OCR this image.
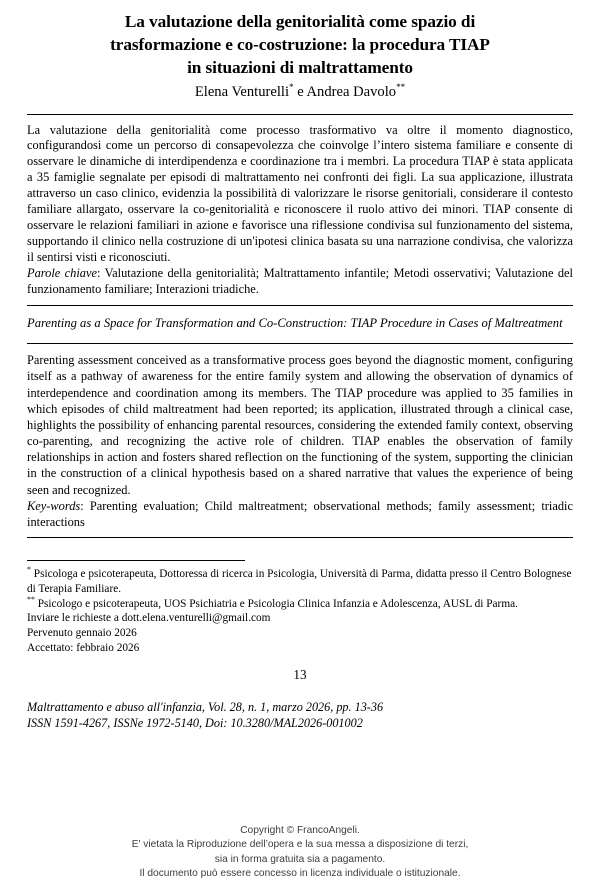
La valutazione della genitorialità come spazio di
trasformazione e co-costruzione: la procedura TIAP
in situazioni di maltrattamento
Elena Venturelli* e Andrea Davolo**

La valutazione della genitorialità come processo trasformativo va oltre il momento diagnostico, configurandosi come un percorso di consapevolezza che coinvolge l’intero sistema familiare e consente di osservare le dinamiche di interdipendenza e coordinazione tra i membri. La procedura TIAP è stata applicata a 35 famiglie segnalate per episodi di maltrattamento nei confronti dei figli. La sua applicazione, illustrata attraverso un caso clinico, evidenzia la possibilità di valorizzare le risorse genitoriali, considerare il contesto familiare allargato, osservare la co-genitorialità e riconoscere il ruolo attivo dei minori. TIAP consente di osservare le relazioni familiari in azione e favorisce una riflessione condivisa sul funzionamento del sistema, supportando il clinico nella costruzione di un'ipotesi clinica basata su una narrazione condivisa, che valorizza il sentirsi visti e riconosciuti.

Parole chiave: Valutazione della genitorialità; Maltrattamento infantile; Metodi osservativi; Valutazione del funzionamento familiare; Interazioni triadiche.

Parenting as a Space for Transformation and Co-Construction: TIAP Procedure in Cases of Maltreatment

Parenting assessment conceived as a transformative process goes beyond the diagnostic moment, configuring itself as a pathway of awareness for the entire family system and allowing the observation of dynamics of interdependence and coordination among its members. The TIAP procedure was applied to 35 families in which episodes of child maltreatment had been reported; its application, illustrated through a clinical case, highlights the possibility of enhancing parental resources, considering the extended family context, observing co-parenting, and recognizing the active role of children. TIAP enables the observation of family relationships in action and fosters shared reflection on the functioning of the system, supporting the clinician in the construction of a clinical hypothesis based on a shared narrative that values the experience of being seen and recognized.

Key-words: Parenting evaluation; Child maltreatment; observational methods; family assessment; triadic interactions

* Psicologa e psicoterapeuta, Dottoressa di ricerca in Psicologia, Università di Parma, didatta presso il Centro Bolognese di Terapia Familiare.

** Psicologo e psicoterapeuta, UOS Psichiatria e Psicologia Clinica Infanzia e Adolescenza, AUSL di Parma.

Inviare le richieste a dott.elena.venturelli@gmail.com

Pervenuto gennaio 2026

Accettato: febbraio 2026

13

Maltrattamento e abuso all'infanzia, Vol. 28, n. 1, marzo 2026, pp. 13-36

ISSN 1591-4267, ISSNe 1972-5140, Doi: 10.3280/MAL2026-001002

Copyright © FrancoAngeli.

E' vietata la Riproduzione dell’opera e la sua messa a disposizione di terzi,

sia in forma gratuita sia a pagamento.

Il documento può essere concesso in licenza individuale o istituzionale.
